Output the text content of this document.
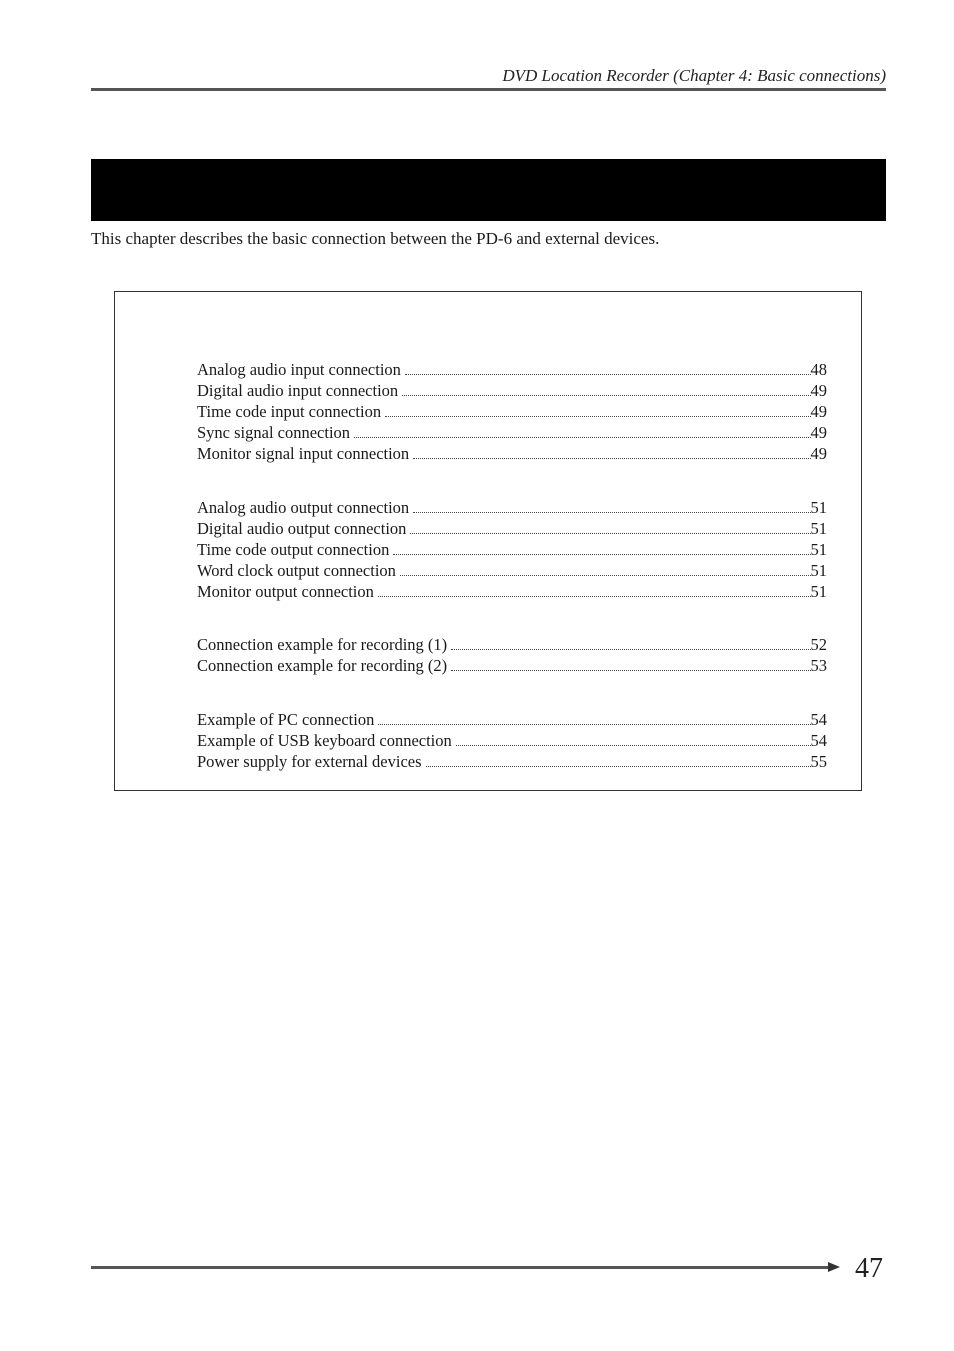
DVD Location Recorder (Chapter 4: Basic connections)
This chapter describes the basic connection between the PD-6 and external devices.
Analog audio input connection	48
Digital audio input connection	49
Time code input connection	49
Sync signal connection	49
Monitor signal input connection	49
Analog audio output connection	51
Digital audio output connection	51
Time code output connection	51
Word clock output connection	51
Monitor output connection	51
Connection example for recording (1)	52
Connection example for recording (2)	53
Example of PC connection	54
Example of USB keyboard connection	54
Power supply for external devices	55
47
